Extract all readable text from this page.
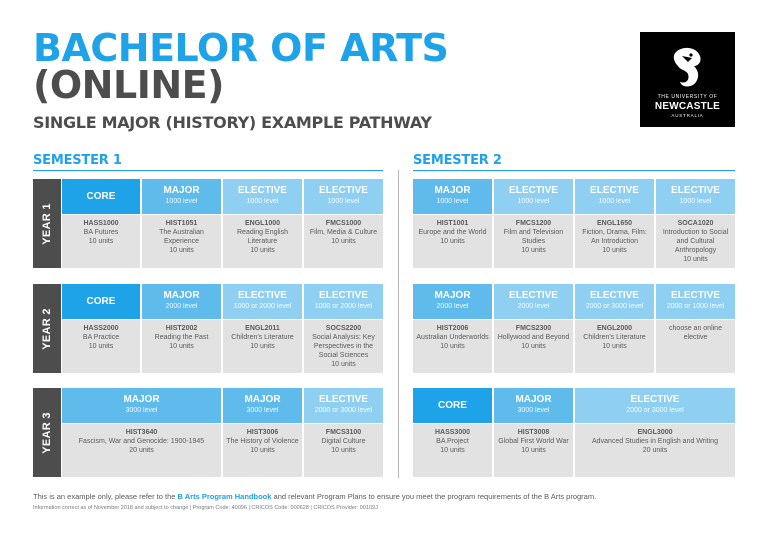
BACHELOR OF ARTS
(ONLINE)
SINGLE MAJOR (HISTORY) EXAMPLE PATHWAY
THE UNIVERSITY OF
NEWCASTLE
AUSTRALIA
SEMESTER 1	SEMESTER 2
YEAR 1
YEAR 2
YEAR 3
CORE
MAJOR
1000 level
ELECTIVE
1000 level
ELECTIVE
1000 level
MAJOR
1000 level
ELECTIVE
1000 level
ELECTIVE
1000 level
ELECTIVE
1000 level
HASS1000
BA Futures
10 units
HIST1051
The Australian Experience
10 units
ENGL1000
Reading English Literature
10 units
FMCS1000
Film, Media & Culture
10 units
HIST1001
Europe and the World
10 units
FMCS1200
Film and Television Studies
10 units
ENGL1650
Fiction, Drama, Film: An Introduction
10 units
SOCA1020
Introduction to Social and Cultural Anthropology
10 units
CORE
MAJOR
2000 level
ELECTIVE
1000 or 2000 level
ELECTIVE
1000 or 2000 level
MAJOR
2000 level
ELECTIVE
2000 level
ELECTIVE
2000 or 3000 level
ELECTIVE
2000 or 1000 level
HASS2000
BA Practice
10 units
HIST2002
Reading the Past
10 units
ENGL2011
Children's Literature
10 units
SOCS2200
Social Analysis: Key Perspectives in the Social Sciences
10 units
HIST2006
Australian Underworlds
10 units
FMCS2300
Hollywood and Beyond
10 units
ENGL2000
Children's Literature
10 units
choose an online elective
MAJOR
3000 level
MAJOR
3000 level
ELECTIVE
2000 or 3000 level	CORE
MAJOR
3000 level
ELECTIVE
2000 or 3000 level
HIST3640
Fascism, War and Genocide: 1900-1945
20 units
HIST3006
The History of Violence
10 units
FMCS3100
Digital Culture
10 units
HASS3000
BA Project
10 units
HIST3008
Global First World War
10 units
ENGL3000
Advanced Studies in English and Writing
20 units
This is an example only, please refer to the B Arts Program Handbook and relevant Program Plans to ensure you meet the program requirements of the B Arts program.
Information correct as of November 2018 and subject to change | Program Code: 40096 | CRICOS Code: 000628 | CRICOS Provider: 00109J
